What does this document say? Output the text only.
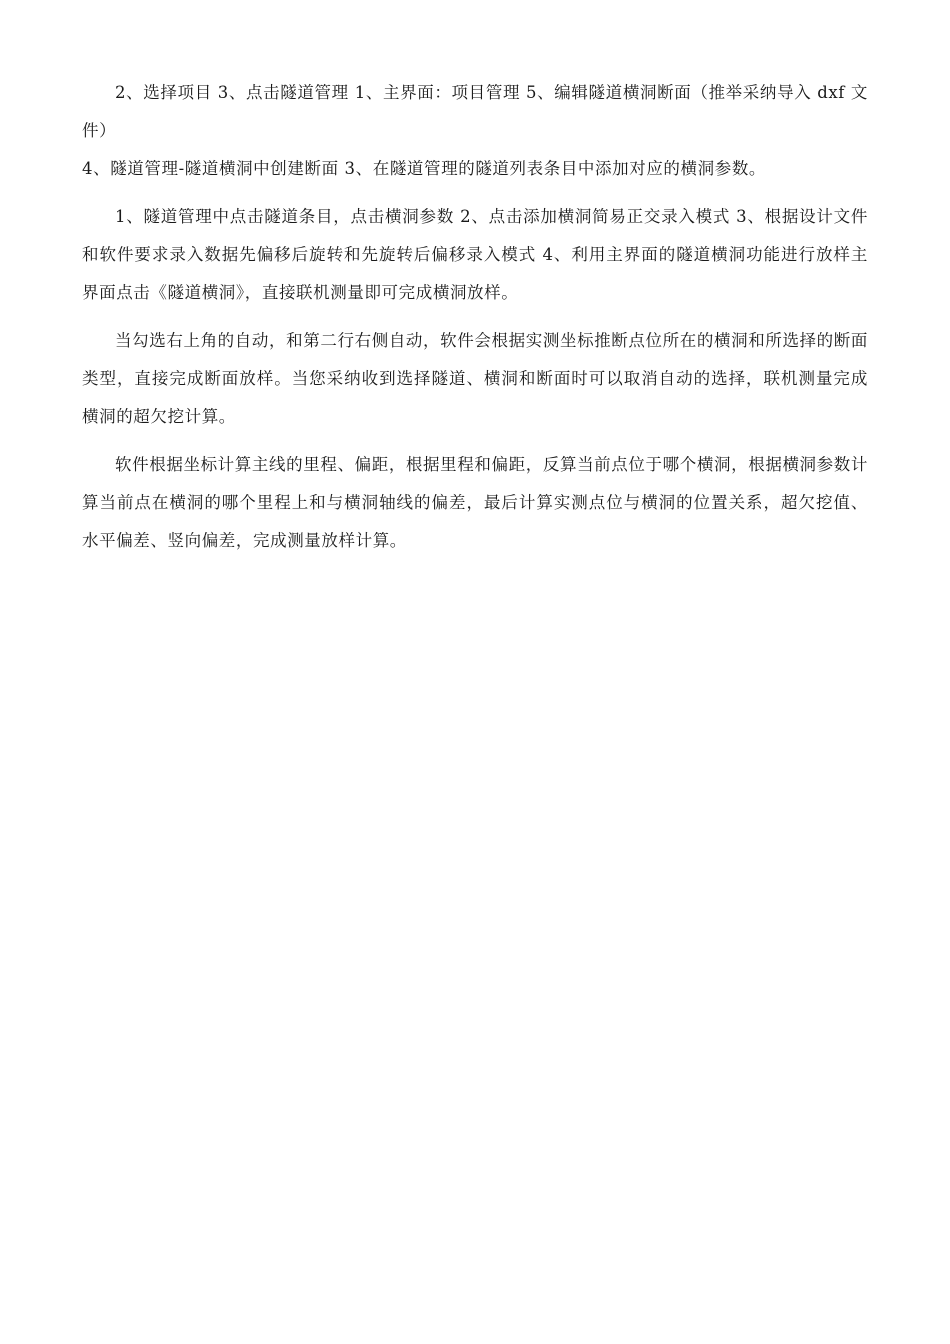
2、选择项目 3、点击隧道管理 1、主界面：项目管理 5、编辑隧道横洞断面（推举采纳导入 dxf 文件）

4、隧道管理-隧道横洞中创建断面 3、在隧道管理的隧道列表条目中添加对应的横洞参数。

1、隧道管理中点击隧道条目，点击横洞参数 2、点击添加横洞简易正交录入模式 3、根据设计文件和软件要求录入数据先偏移后旋转和先旋转后偏移录入模式 4、利用主界面的隧道横洞功能进行放样主界面点击《隧道横洞》，直接联机测量即可完成横洞放样。

当勾选右上角的自动，和第二行右侧自动，软件会根据实测坐标推断点位所在的横洞和所选择的断面类型，直接完成断面放样。当您采纳收到选择隧道、横洞和断面时可以取消自动的选择，联机测量完成横洞的超欠挖计算。

软件根据坐标计算主线的里程、偏距，根据里程和偏距，反算当前点位于哪个横洞，根据横洞参数计算当前点在横洞的哪个里程上和与横洞轴线的偏差，最后计算实测点位与横洞的位置关系，超欠挖值、水平偏差、竖向偏差，完成测量放样计算。
